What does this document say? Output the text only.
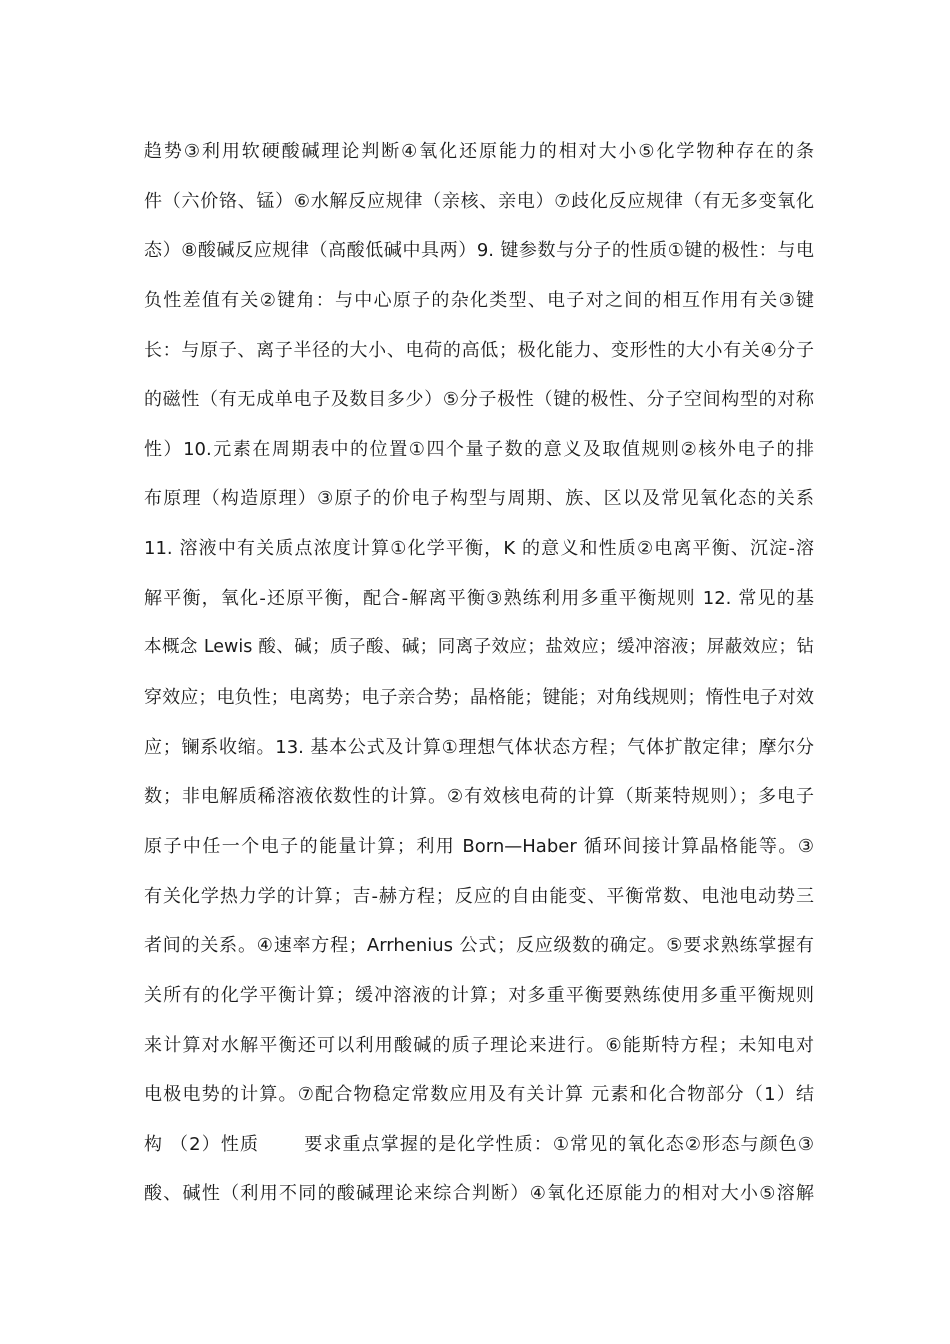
趋势③利用软硬酸碱理论判断④氧化还原能力的相对大小⑤化学物种存在的条
件（六价铬、锰）⑥水解反应规律（亲核、亲电）⑦歧化反应规律（有无多变氧化
态）⑧酸碱反应规律（高酸低碱中具两）9. 键参数与分子的性质①键的极性：与电
负性差值有关②键角：与中心原子的杂化类型、电子对之间的相互作用有关③键
长：与原子、离子半径的大小、电荷的高低；极化能力、变形性的大小有关④分子
的磁性（有无成单电子及数目多少）⑤分子极性（键的极性、分子空间构型的对称
性）10.元素在周期表中的位置①四个量子数的意义及取值规则②核外电子的排
布原理（构造原理）③原子的价电子构型与周期、族、区以及常见氧化态的关系
11. 溶液中有关质点浓度计算①化学平衡，K 的意义和性质②电离平衡、沉淀-溶
解平衡，氧化-还原平衡，配合-解离平衡③熟练利用多重平衡规则 12. 常见的基
本概念 Lewis 酸、碱；质子酸、碱；同离子效应；盐效应；缓冲溶液；屏蔽效应；钻
穿效应；电负性；电离势；电子亲合势；晶格能；键能；对角线规则；惰性电子对效
应；镧系收缩。13. 基本公式及计算①理想气体状态方程；气体扩散定律；摩尔分
数；非电解质稀溶液依数性的计算。②有效核电荷的计算（斯莱特规则）；多电子
原子中任一个电子的能量计算；利用 Born—Haber 循环间接计算晶格能等。③
有关化学热力学的计算；吉-赫方程；反应的自由能变、平衡常数、电池电动势三
者间的关系。④速率方程；Arrhenius 公式；反应级数的确定。⑤要求熟练掌握有
关所有的化学平衡计算；缓冲溶液的计算；对多重平衡要熟练使用多重平衡规则
来计算对水解平衡还可以利用酸碱的质子理论来进行。⑥能斯特方程；未知电对
电极电势的计算。⑦配合物稳定常数应用及有关计算 元素和化合物部分（1）结
构 （2）性质 　　要求重点掌握的是化学性质：①常见的氧化态②形态与颜色③
酸、碱性（利用不同的酸碱理论来综合判断）④氧化还原能力的相对大小⑤溶解
